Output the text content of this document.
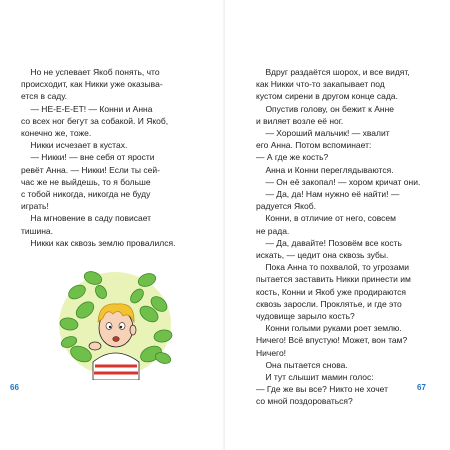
Но не успевает Якоб понять, что
происходит, как Никки уже оказыва-
ется в саду.
— НЕ-Е-Е-ЕТ! — Конни и Анна
со всех ног бегут за собакой. И Якоб,
конечно же, тоже.
Никки исчезает в кустах.
— Никки! — вне себя от ярости
ревёт Анна. — Никки! Если ты сей-
час же не выйдешь, то я больше
с тобой никогда, никогда не буду
играть!
На мгновение в саду повисает
тишина.
Никки как сквозь землю провалился.
66
Вдруг раздаётся шорох, и все видят,
как Никки что-то закапывает под
кустом сирени в другом конце сада.
Опустив голову, он бежит к Анне
и виляет возле её ног.
— Хороший мальчик! — хвалит
его Анна. Потом вспоминает:
— А где же кость?
Анна и Конни переглядываются.
— Он её закопал! — хором кричат они.
— Да, да! Нам нужно её найти! —
радуется Якоб.
Конни, в отличие от него, совсем
не рада.
— Да, давайте! Позовём все кость
искать, — цедит она сквозь зубы.
Пока Анна то похвалой, то угрозами
пытается заставить Никки принести им
кость, Конни и Якоб уже продираются
сквозь заросли. Проклятье, и где это
чудовище зарыло кость?
Конни голыми руками роет землю.
Ничего! Всё впустую! Может, вон там?
Ничего!
Она пытается снова.
И тут слышит мамин голос:
— Где же вы все? Никто не хочет
со мной поздороваться?
67
